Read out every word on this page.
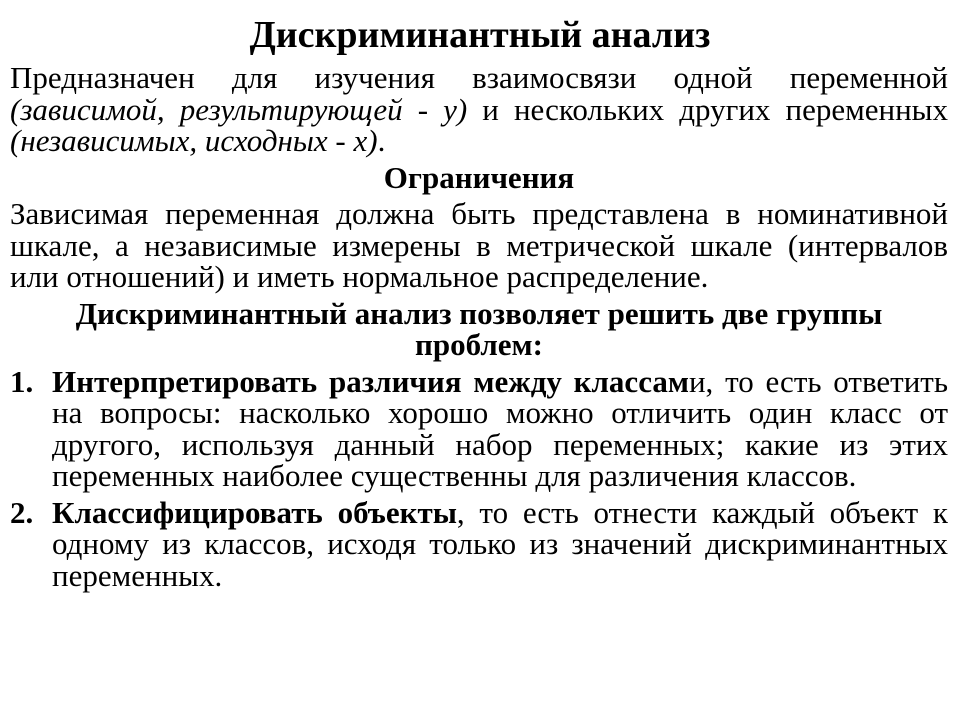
Дискриминантный анализ

Предназначен для изучения взаимосвязи одной переменной (зависимой, результирующей - y) и нескольких других переменных (независимых, исходных - x).

Ограничения

Зависимая переменная должна быть представлена в номинативной шкале, а независимые измерены в метрической шкале (интервалов или отношений) и иметь нормальное распределение.

Дискриминантный анализ позволяет решить две группы проблем:

1. Интерпретировать различия между классами, то есть ответить на вопросы: насколько хорошо можно отличить один класс от другого, используя данный набор переменных; какие из этих переменных наиболее существенны для различения классов.
2. Классифицировать объекты, то есть отнести каждый объект к одному из классов, исходя только из значений дискриминантных переменных.
